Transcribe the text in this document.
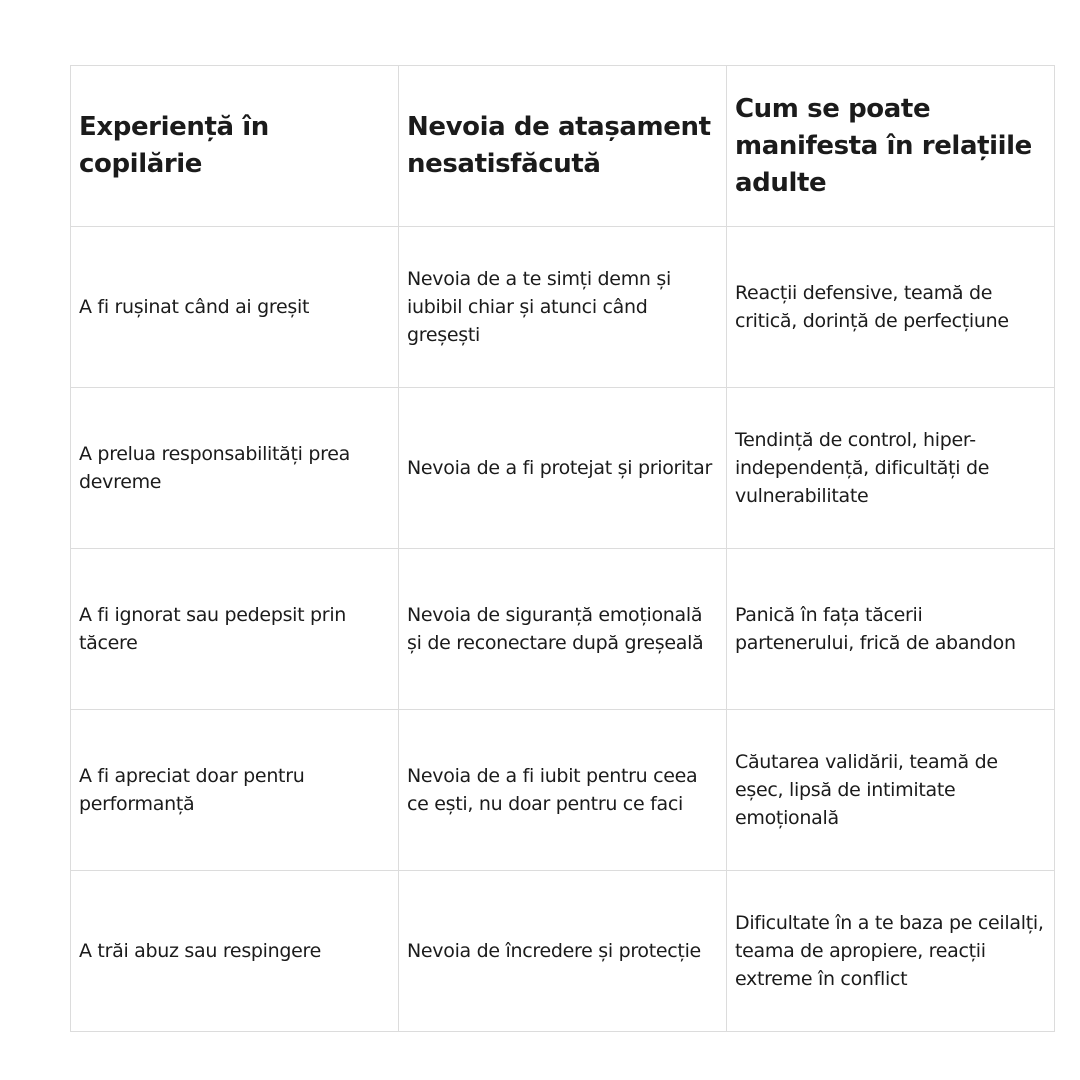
Experiență în copilărie	Nevoia de atașament nesatisfăcută	Cum se poate manifesta în relațiile adulte
A fi rușinat când ai greșit	Nevoia de a te simți demn și iubibil chiar și atunci când greșești	Reacții defensive, teamă de critică, dorință de perfecțiune
A prelua responsabilități prea devreme	Nevoia de a fi protejat și prioritar	Tendință de control, hiper-independență, dificultăți de vulnerabilitate
A fi ignorat sau pedepsit prin tăcere	Nevoia de siguranță emoțională și de reconectare după greșeală	Panică în fața tăcerii partenerului, frică de abandon
A fi apreciat doar pentru performanță	Nevoia de a fi iubit pentru ceea ce ești, nu doar pentru ce faci	Căutarea validării, teamă de eșec, lipsă de intimitate emoțională
A trăi abuz sau respingere	Nevoia de încredere și protecție	Dificultate în a te baza pe ceilalți, teama de apropiere, reacții extreme în conflict
